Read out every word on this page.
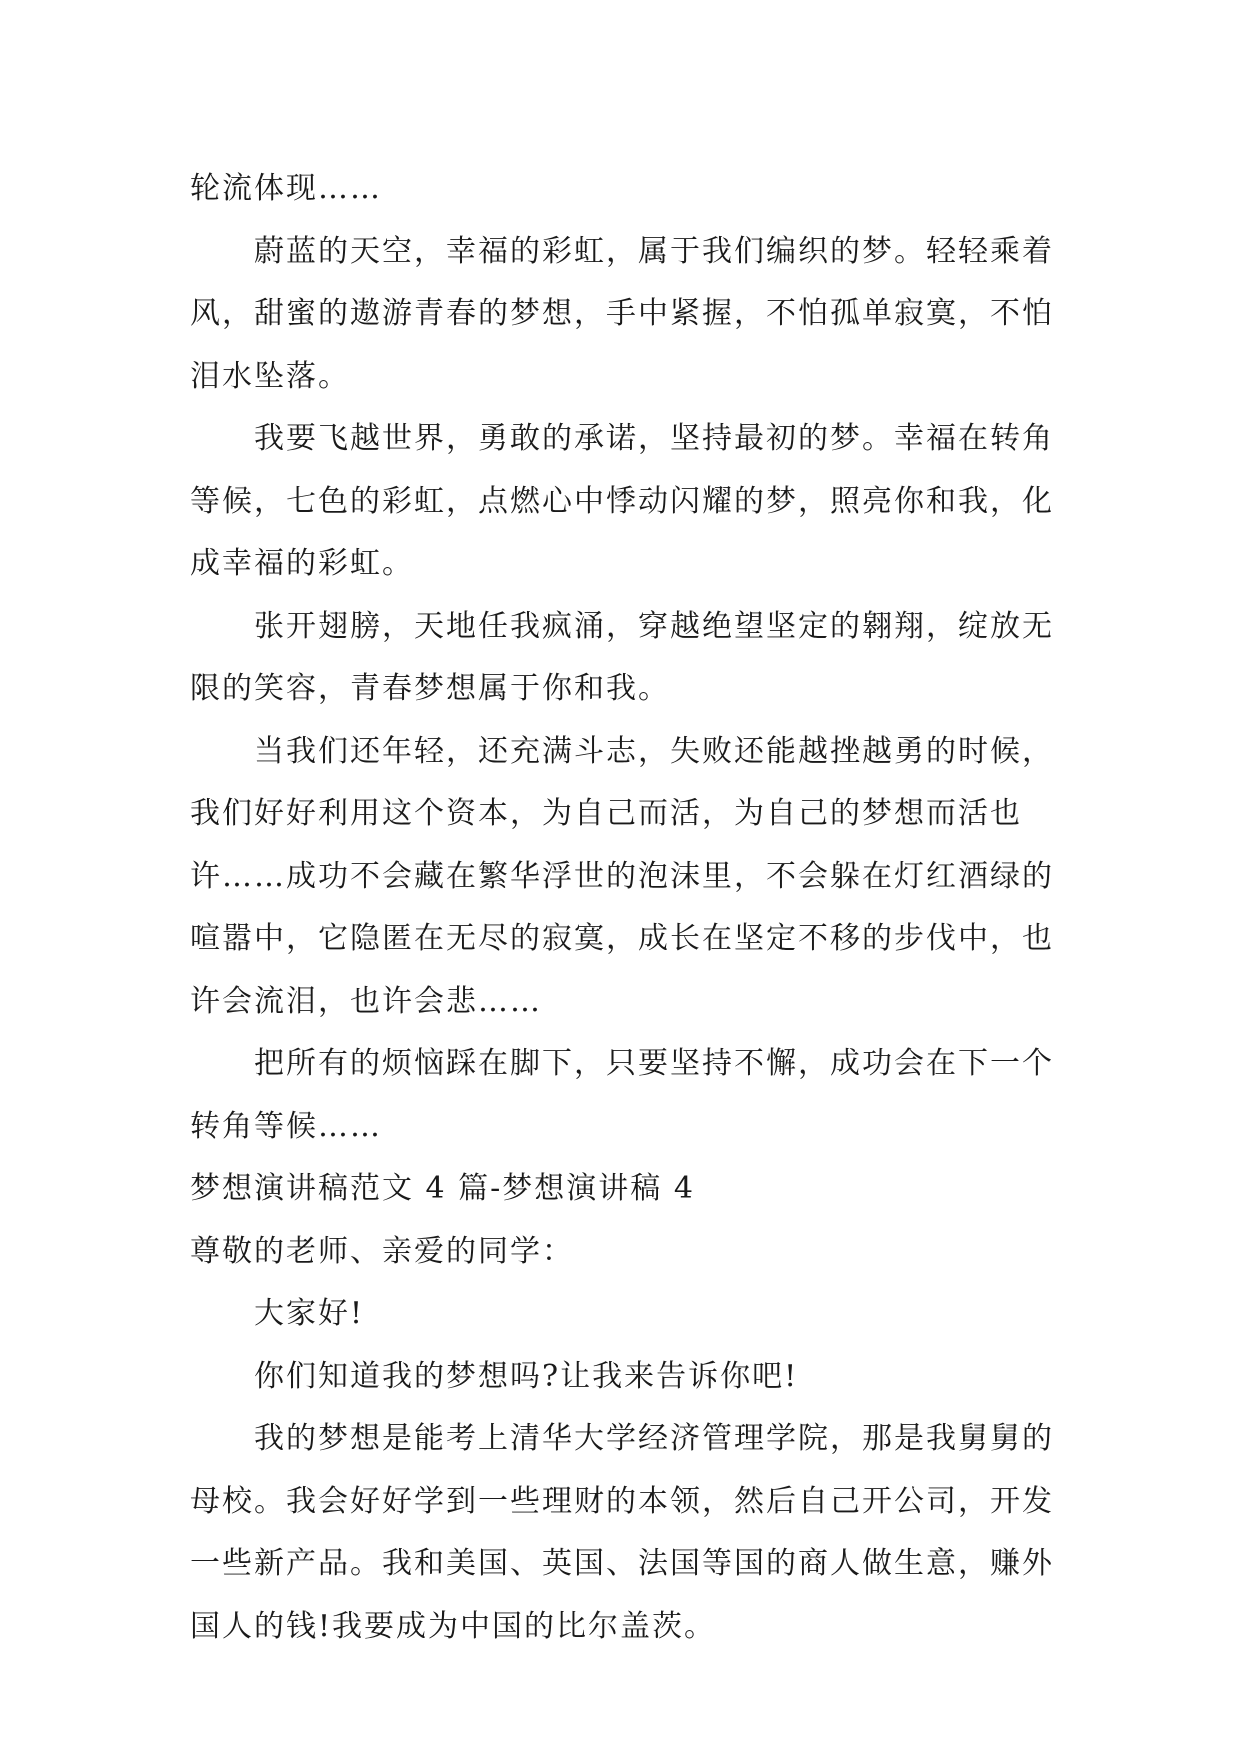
轮流体现……

蔚蓝的天空，幸福的彩虹，属于我们编织的梦。轻轻乘着风，甜蜜的遨游青春的梦想，手中紧握，不怕孤单寂寞，不怕泪水坠落。

我要飞越世界，勇敢的承诺，坚持最初的梦。幸福在转角等候，七色的彩虹，点燃心中悸动闪耀的梦，照亮你和我，化成幸福的彩虹。

张开翅膀，天地任我疯涌，穿越绝望坚定的翱翔，绽放无限的笑容，青春梦想属于你和我。

当我们还年轻，还充满斗志，失败还能越挫越勇的时候，我们好好利用这个资本，为自己而活，为自己的梦想而活也许……成功不会藏在繁华浮世的泡沫里，不会躲在灯红酒绿的喧嚣中，它隐匿在无尽的寂寞，成长在坚定不移的步伐中，也许会流泪，也许会悲……

把所有的烦恼踩在脚下，只要坚持不懈，成功会在下一个转角等候……

梦想演讲稿范文 4 篇-梦想演讲稿 4

尊敬的老师、亲爱的同学：

大家好!

你们知道我的梦想吗?让我来告诉你吧!

我的梦想是能考上清华大学经济管理学院，那是我舅舅的母校。我会好好学到一些理财的本领，然后自己开公司，开发一些新产品。我和美国、英国、法国等国的商人做生意，赚外国人的钱!我要成为中国的比尔盖茨。
